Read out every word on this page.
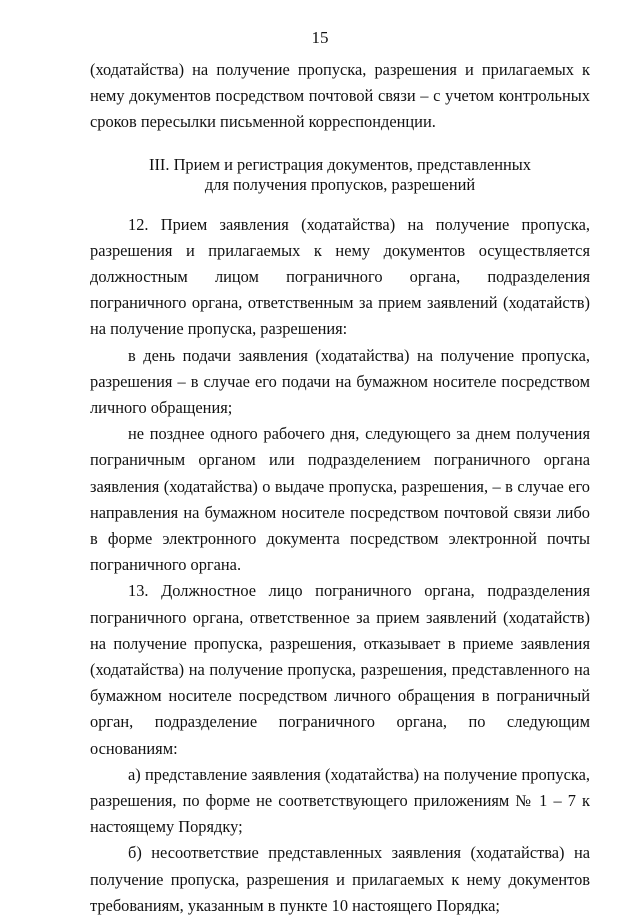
15

(ходатайства) на получение пропуска, разрешения и прилагаемых к нему документов посредством почтовой связи – с учетом контрольных сроков пересылки письменной корреспонденции.

III. Прием и регистрация документов, представленных
для получения пропусков, разрешений

12. Прием заявления (ходатайства) на получение пропуска, разрешения и прилагаемых к нему документов осуществляется должностным лицом пограничного органа, подразделения пограничного органа, ответственным за прием заявлений (ходатайств) на получение пропуска, разрешения:

в день подачи заявления (ходатайства) на получение пропуска, разрешения – в случае его подачи на бумажном носителе посредством личного обращения;

не позднее одного рабочего дня, следующего за днем получения пограничным органом или подразделением пограничного органа заявления (ходатайства) о выдаче пропуска, разрешения, – в случае его направления на бумажном носителе посредством почтовой связи либо в форме электронного документа посредством электронной почты пограничного органа.

13. Должностное лицо пограничного органа, подразделения пограничного органа, ответственное за прием заявлений (ходатайств) на получение пропуска, разрешения, отказывает в приеме заявления (ходатайства) на получение пропуска, разрешения, представленного на бумажном носителе посредством личного обращения в пограничный орган, подразделение пограничного органа, по следующим основаниям:

а) представление заявления (ходатайства) на получение пропуска, разрешения, по форме не соответствующего приложениям № 1 – 7 к настоящему Порядку;

б) несоответствие представленных заявления (ходатайства) на получение пропуска, разрешения и прилагаемых к нему документов требованиям, указанным в пункте 10 настоящего Порядка;
